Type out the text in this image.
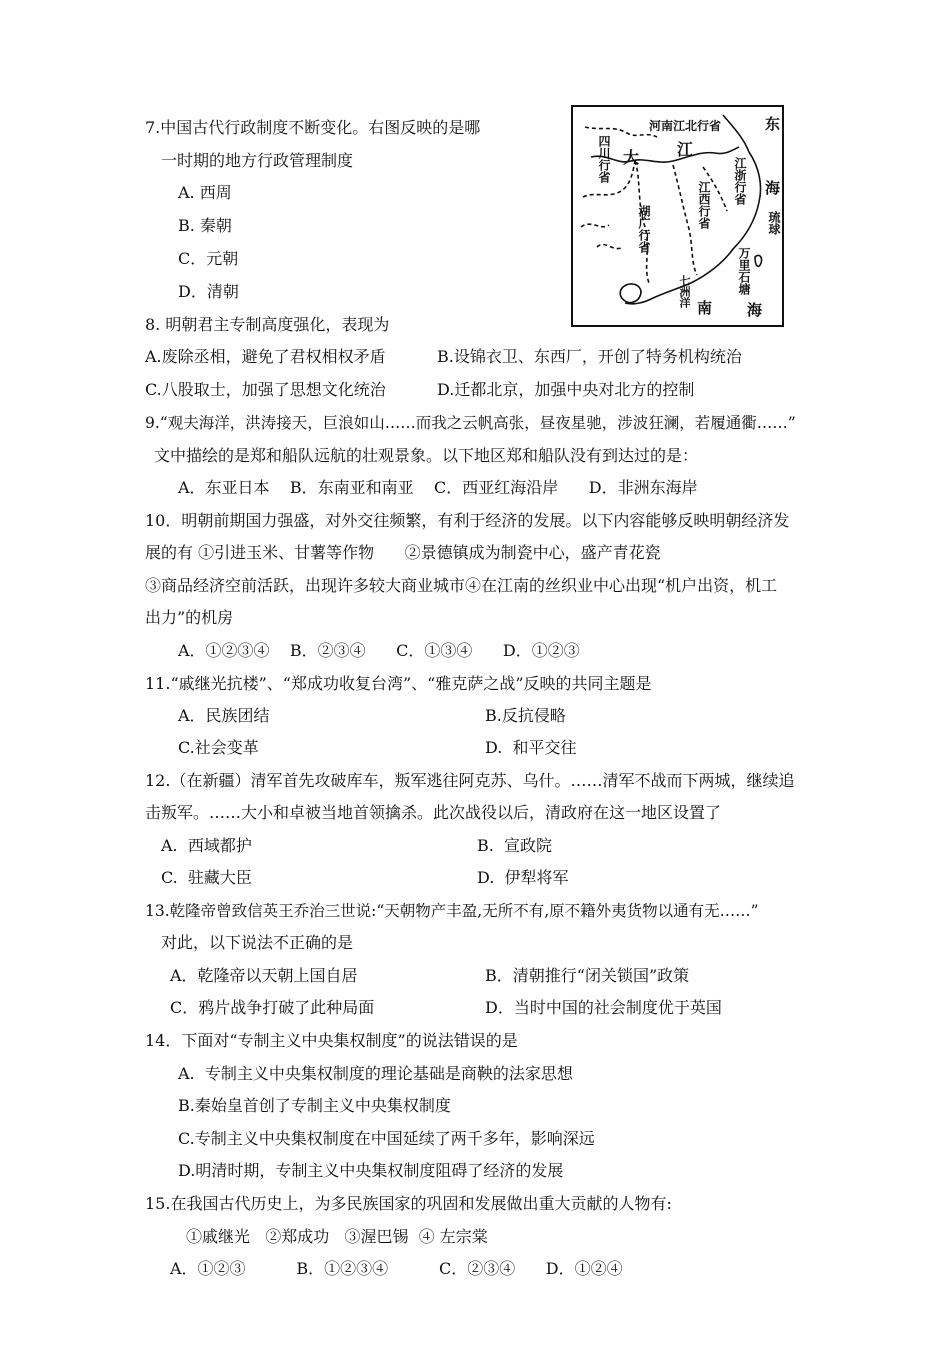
7.中国古代行政制度不断变化。右图反映的是哪
一时期的地方行政管理制度
A. 西周
B. 秦朝
C．元朝
D．清朝
河南江北行省	东
海
四川行省 大 江
江浙行省
琉球
湖广行省	江西行省
万里石塘
七洲洋 南 海
8. 明朝君主专制高度强化，表现为
A.废除丞相，避免了君权相权矛盾	B.设锦衣卫、东西厂，开创了特务机构统治
C.八股取士，加强了思想文化统治	D.迁都北京，加强中央对北方的控制
9.“观夫海洋，洪涛接天，巨浪如山……而我之云帆高张，昼夜星驰，涉波狂澜，若履通衢……”
文中描绘的是郑和船队远航的壮观景象。以下地区郑和船队没有到达过的是：
A．东亚日本    B．东南亚和南亚    C．西亚红海沿岸      D．非洲东海岸
10．明朝前期国力强盛，对外交往频繁，有利于经济的发展。以下内容能够反映明朝经济发
展的有 ①引进玉米、甘薯等作物      ②景德镇成为制瓷中心，盛产青花瓷
③商品经济空前活跃，出现许多较大商业城市④在江南的丝织业中心出现“机户出资，机工
出力”的机房
A．①②③④    B．②③④      C．①③④      D．①②③
11.“戚继光抗楼”、“郑成功收复台湾”、“雅克萨之战”反映的共同主题是
A．民族团结	B.反抗侵略
C.社会变革	D.  和平交往
12.（在新疆）清军首先攻破库车，叛军逃往阿克苏、乌什。……清军不战而下两城，继续追
击叛军。……大小和卓被当地首领擒杀。此次战役以后，清政府在这一地区设置了
A.  西域都护	B.  宣政院
C.  驻藏大臣	D.  伊犁将军
13.乾隆帝曾致信英王乔治三世说:“天朝物产丰盈,无所不有,原不籍外夷货物以通有无……”
对此，以下说法不正确的是
A．乾隆帝以天朝上国自居	B．清朝推行“闭关锁国”政策
C．鸦片战争打破了此种局面	D．当时中国的社会制度优于英国
14．下面对“专制主义中央集权制度”的说法错误的是
A.  专制主义中央集权制度的理论基础是商鞅的法家思想
B.秦始皇首创了专制主义中央集权制度
C.专制主义中央集权制度在中国延续了两千多年，影响深远
D.明清时期，专制主义中央集权制度阻碍了经济的发展
15.在我国古代历史上，为多民族国家的巩固和发展做出重大贡献的人物有:
①戚继光   ②郑成功   ③渥巴锡  ④ 左宗棠
A．①②③          B．①②③④          C．②③④      D．①②④
